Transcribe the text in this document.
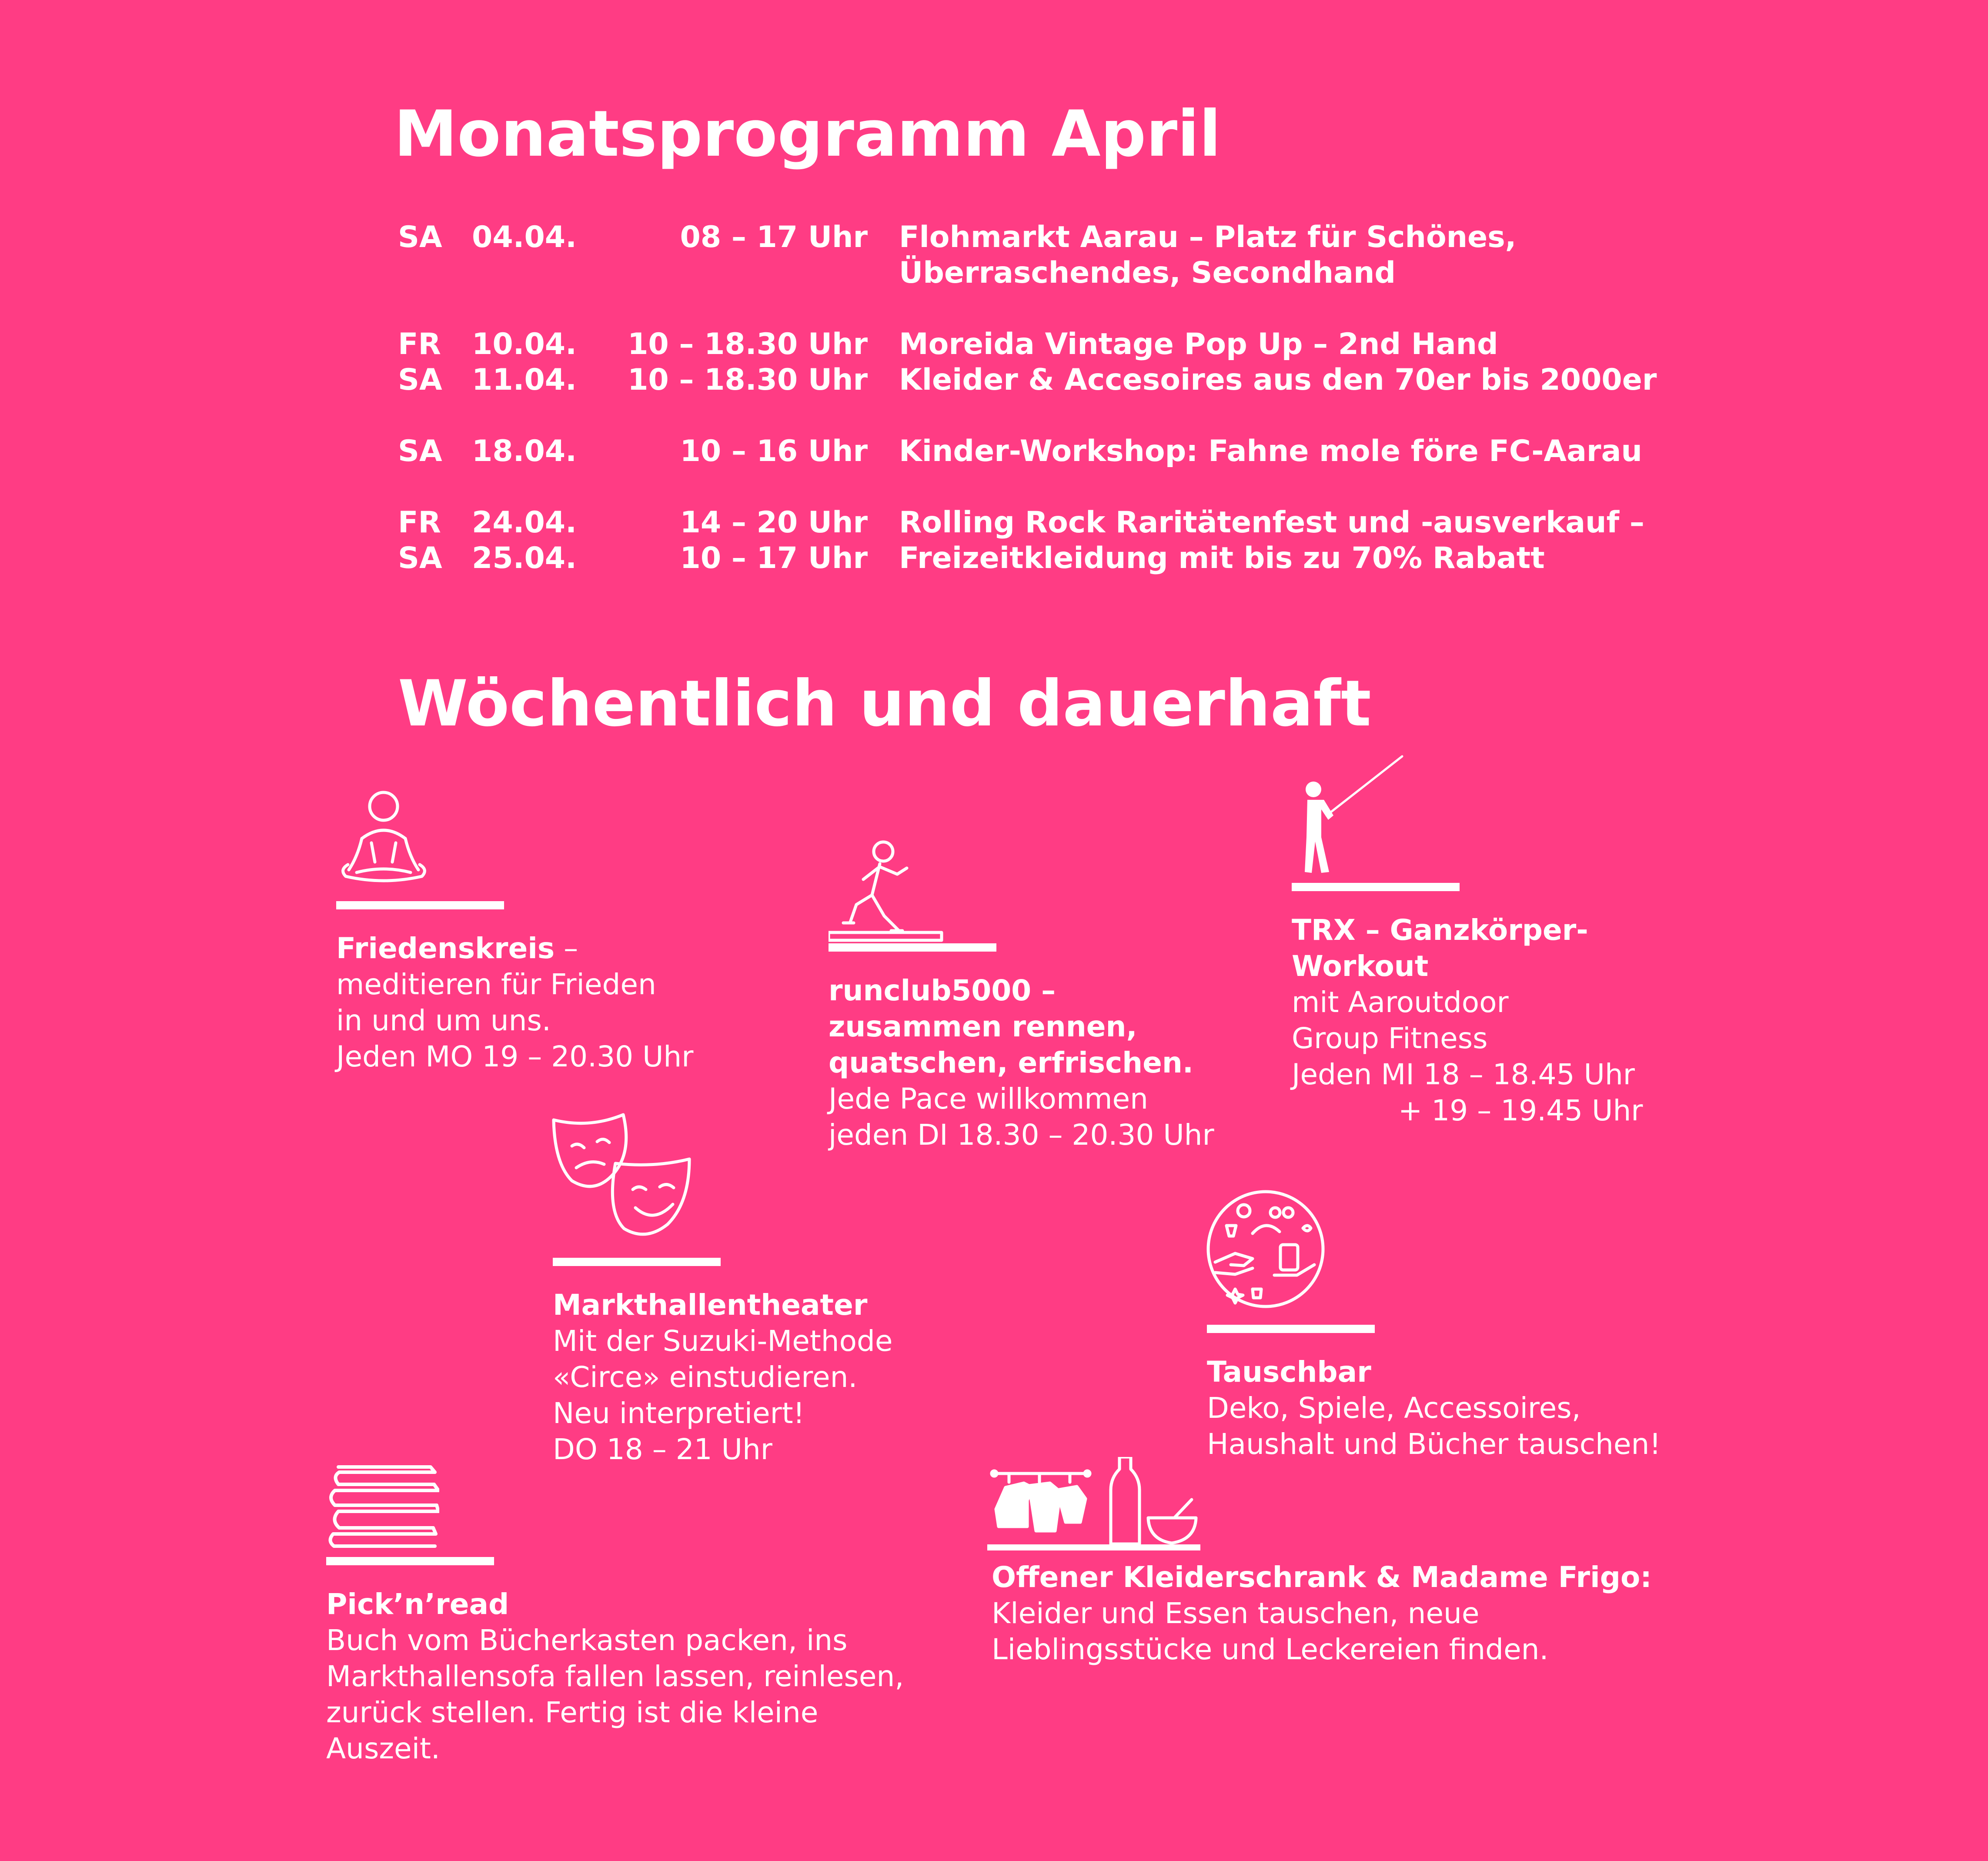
Monatsprogramm April
SA 04.04.	08 – 17 Uhr Flohmarkt Aarau – Platz für Schönes,
Überraschendes, Secondhand
FR 10.04.	10 – 18.30 Uhr Moreida Vintage Pop Up – 2nd Hand
SA 11.04.	10 – 18.30 Uhr Kleider & Accesoires aus den 70er bis 2000er
SA 18.04.	10 – 16 Uhr Kinder-Workshop: Fahne mole före FC-Aarau
FR 24.04.	14 – 20 Uhr Rolling Rock Raritätenfest und -ausverkauf –
SA 25.04.	10 – 17 Uhr Freizeitkleidung mit bis zu 70% Rabatt
Wöchentlich und dauerhaft
Friedenskreis –
meditieren für Frieden
in und um uns.
Jeden MO 19 – 20.30 Uhr
runclub5000 –
zusammen rennen,
quatschen, erfrischen.
Jede Pace willkommen
jeden DI 18.30 – 20.30 Uhr
TRX – Ganzkörper-
Workout
mit Aaroutdoor
Group Fitness
Jeden MI 18 – 18.45 Uhr
+ 19 – 19.45 Uhr
Markthallentheater
Mit der Suzuki-Methode
«Circe» einstudieren.
Neu interpretiert!
DO 18 – 21 Uhr
Tauschbar
Deko, Spiele, Accessoires,
Haushalt und Bücher tauschen!
Pick’n’read
Buch vom Bücherkasten packen, ins
Markthallensofa fallen lassen, reinlesen,
zurück stellen. Fertig ist die kleine
Auszeit.
Offener Kleiderschrank & Madame Frigo:
Kleider und Essen tauschen, neue
Lieblingsstücke und Leckereien finden.
